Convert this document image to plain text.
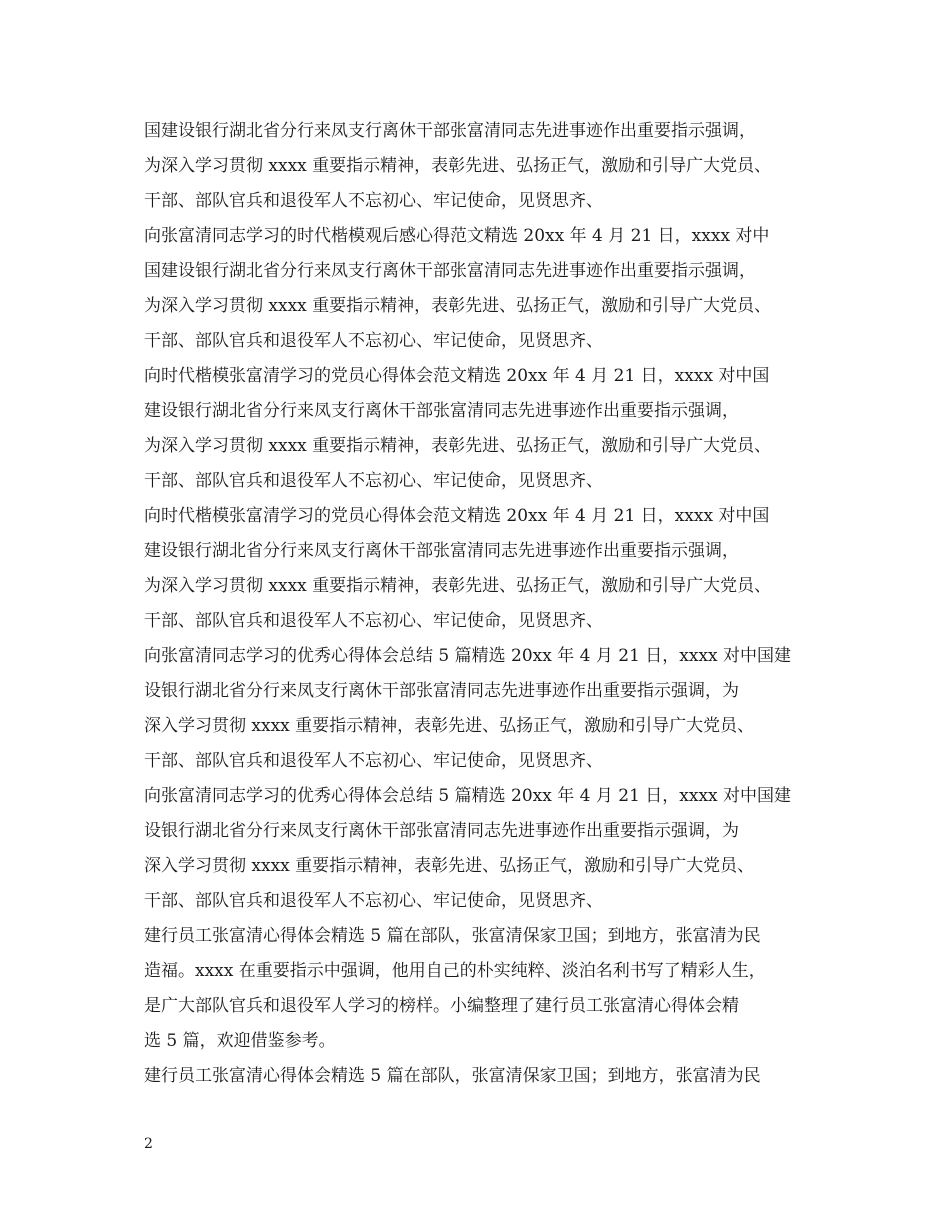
国建设银行湖北省分行来凤支行离休干部张富清同志先进事迹作出重要指示强调，
为深入学习贯彻 xxxx 重要指示精神，表彰先进、弘扬正气，激励和引导广大党员、
干部、部队官兵和退役军人不忘初心、牢记使命，见贤思齐、
向张富清同志学习的时代楷模观后感心得范文精选 20xx 年 4 月 21 日，xxxx 对中
国建设银行湖北省分行来凤支行离休干部张富清同志先进事迹作出重要指示强调，
为深入学习贯彻 xxxx 重要指示精神，表彰先进、弘扬正气，激励和引导广大党员、
干部、部队官兵和退役军人不忘初心、牢记使命，见贤思齐、
向时代楷模张富清学习的党员心得体会范文精选 20xx 年 4 月 21 日，xxxx 对中国
建设银行湖北省分行来凤支行离休干部张富清同志先进事迹作出重要指示强调，
为深入学习贯彻 xxxx 重要指示精神，表彰先进、弘扬正气，激励和引导广大党员、
干部、部队官兵和退役军人不忘初心、牢记使命，见贤思齐、
向时代楷模张富清学习的党员心得体会范文精选 20xx 年 4 月 21 日，xxxx 对中国
建设银行湖北省分行来凤支行离休干部张富清同志先进事迹作出重要指示强调，
为深入学习贯彻 xxxx 重要指示精神，表彰先进、弘扬正气，激励和引导广大党员、
干部、部队官兵和退役军人不忘初心、牢记使命，见贤思齐、
向张富清同志学习的优秀心得体会总结 5 篇精选 20xx 年 4 月 21 日，xxxx 对中国建
设银行湖北省分行来凤支行离休干部张富清同志先进事迹作出重要指示强调，为
深入学习贯彻 xxxx 重要指示精神，表彰先进、弘扬正气，激励和引导广大党员、
干部、部队官兵和退役军人不忘初心、牢记使命，见贤思齐、
向张富清同志学习的优秀心得体会总结 5 篇精选 20xx 年 4 月 21 日，xxxx 对中国建
设银行湖北省分行来凤支行离休干部张富清同志先进事迹作出重要指示强调，为
深入学习贯彻 xxxx 重要指示精神，表彰先进、弘扬正气，激励和引导广大党员、
干部、部队官兵和退役军人不忘初心、牢记使命，见贤思齐、
建行员工张富清心得体会精选 5 篇在部队，张富清保家卫国；到地方，张富清为民
造福。xxxx 在重要指示中强调，他用自己的朴实纯粹、淡泊名利书写了精彩人生，
是广大部队官兵和退役军人学习的榜样。小编整理了建行员工张富清心得体会精
选 5 篇，欢迎借鉴参考。
建行员工张富清心得体会精选 5 篇在部队，张富清保家卫国；到地方，张富清为民
2
